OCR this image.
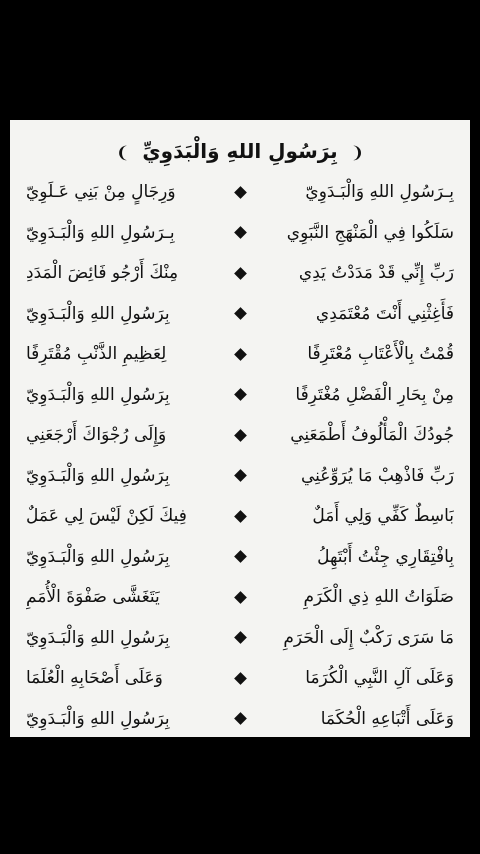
❨ بِرَسُولِ اللهِ وَالْبَدَوِيِّ ❩
بِـرَسُولِ اللهِ وَالْبَـدَوِيّ
وَرِجَالٍ مِنْ بَنِي عَـلَوِيّ
سَلَكُوا فِي الْمَنْهَجِ النَّبَوِي
بِـرَسُولِ اللهِ وَالْبَـدَوِيّ
رَبِّ إِنِّي قَدْ مَدَدْتُ يَدِي
مِنْكَ أَرْجُو فَائِضَ الْمَدَدِ
فَأَغِثْنِي أَنْتَ مُعْتَمَدِي
بِرَسُولِ اللهِ وَالْبَـدَوِيّ
قُمْتُ بِالْأَعْتَابِ مُعْتَرِفًا
لِعَظِيمِ الذَّنْبِ مُقْتَرِفًا
مِنْ بِحَارِ الْفَضْلِ مُغْتَرِفًا
بِرَسُولِ اللهِ وَالْبَـدَوِيّ
جُودُكَ الْمَأْلُوفُ أَطْمَعَنِي
وَإِلَى رُجْوَاكَ أَرْجَعَنِي
رَبِّ فَاذْهِبْ مَا يُرَوِّعُنِي
بِرَسُولِ اللهِ وَالْبَـدَوِيّ
بَاسِطٌ كَفِّي وَلِي أَمَلٌ
فِيكَ لَكِنْ لَيْسَ لِي عَمَلٌ
بِافْتِقَارِي جِئْتُ أَبْتَهِلُ
بِرَسُولِ اللهِ وَالْبَـدَوِيّ
صَلَوَاتُ اللهِ ذِي الْكَرَمِ
يَتَغَشَّى صَفْوَةَ الْأُمَمِ
مَا سَرَى رَكْبٌ إِلَى الْحَرَمِ
بِرَسُولِ اللهِ وَالْبَـدَوِيّ
وَعَلَى آلِ النَّبِي الْكُرَمَا
وَعَلَى أَصْحَابِهِ الْعُلَمَا
وَعَلَى أَتْبَاعِهِ الْحُكَمَا
بِرَسُولِ اللهِ وَالْبَـدَوِيّ
